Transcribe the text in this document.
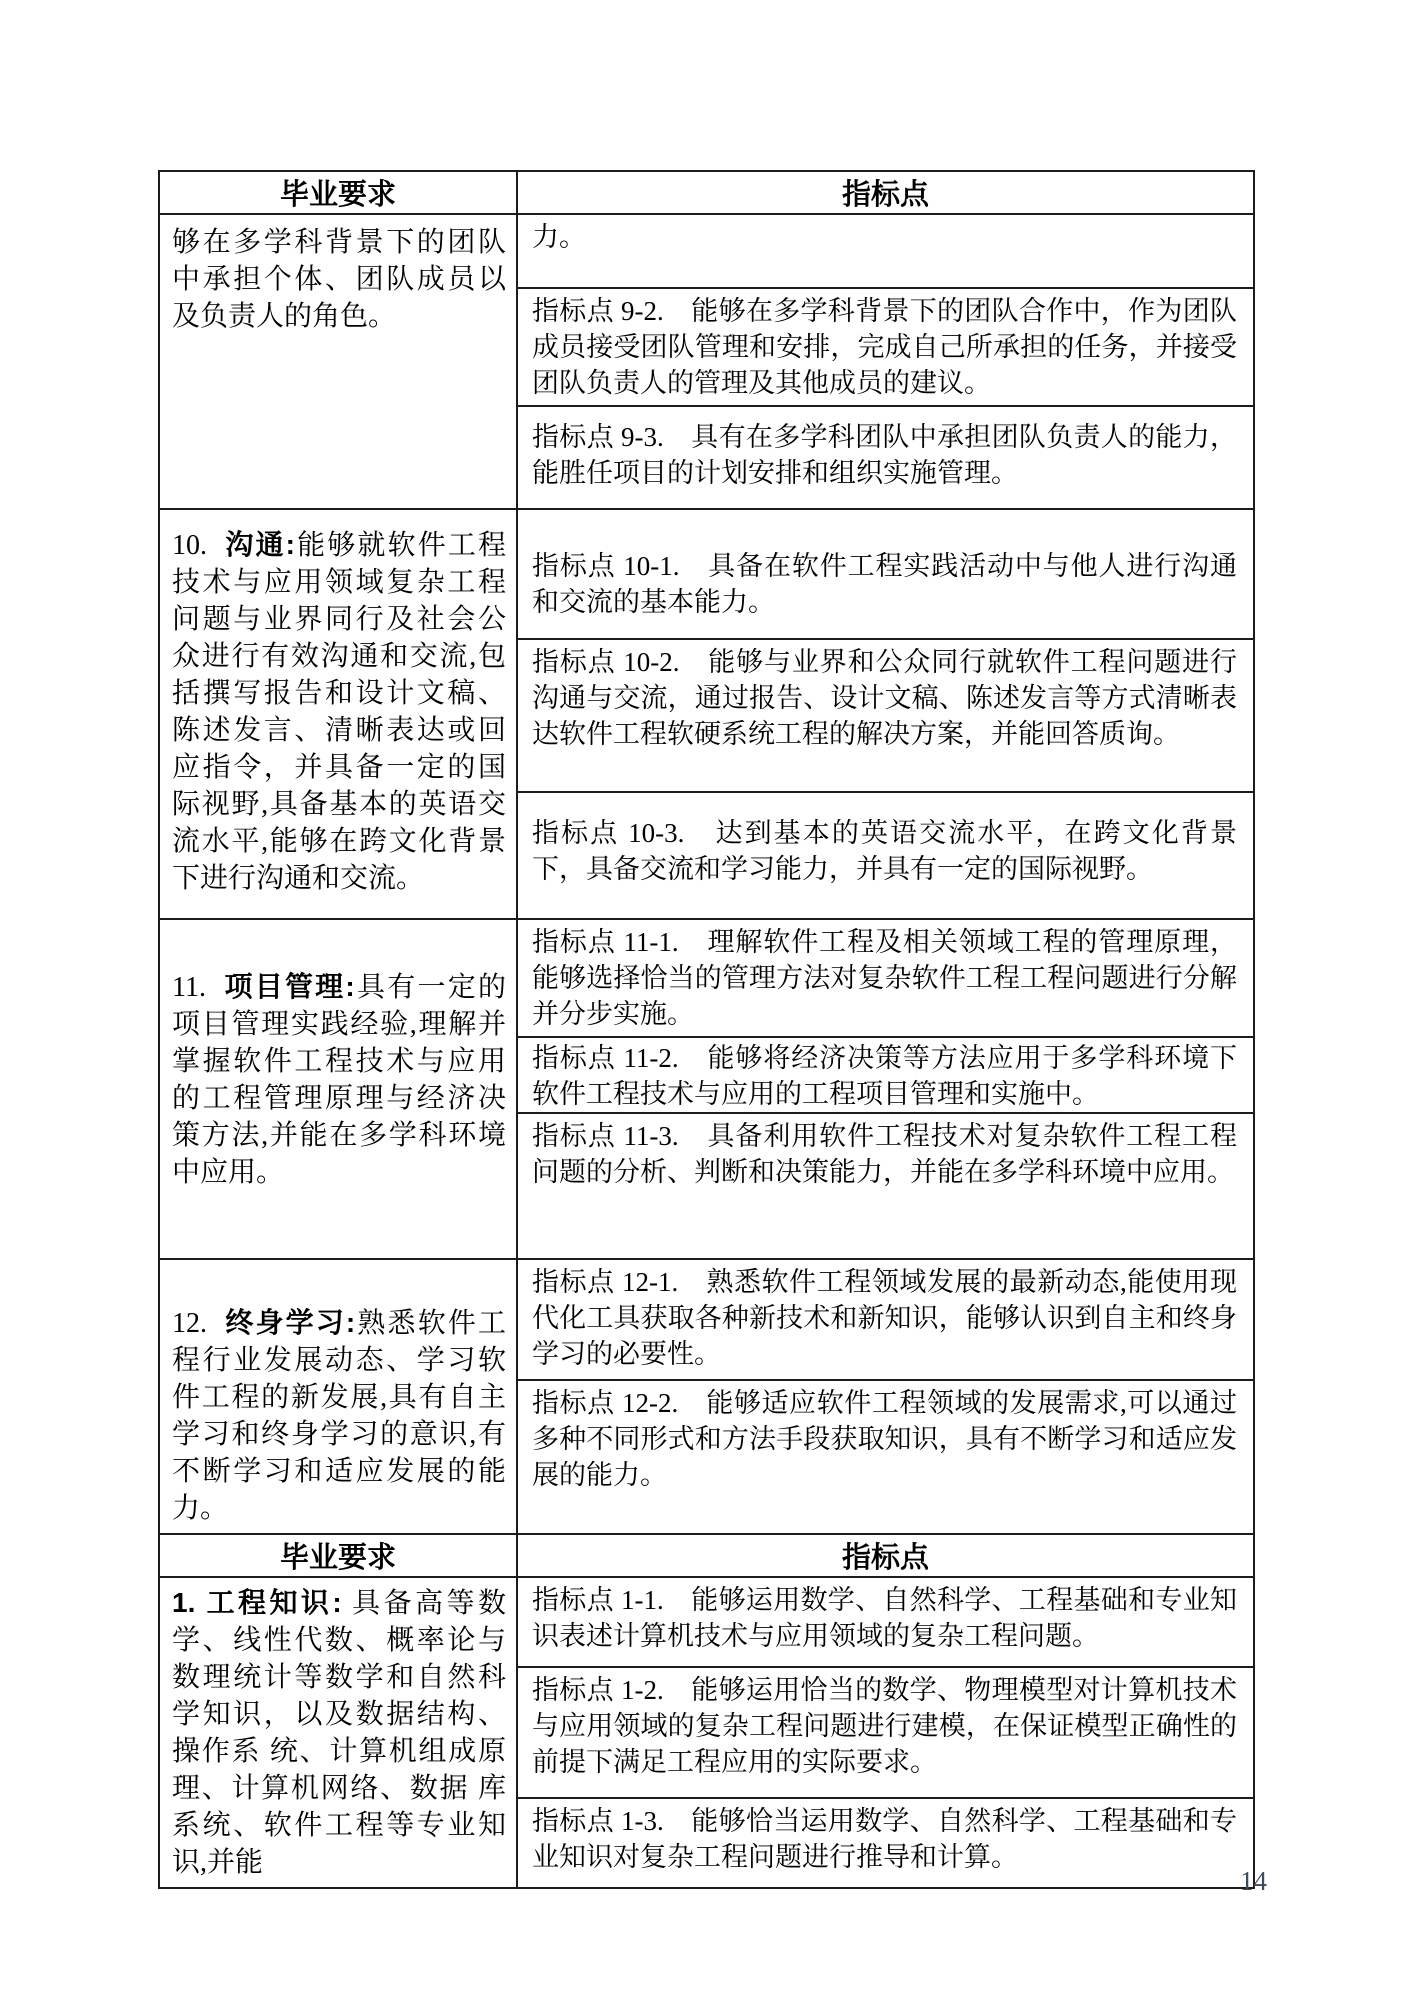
毕业要求	指标点
够在多学科背景下的团队中承担个体、团队成员以及负责人的角色。	力。
	指标点 9-2.　能够在多学科背景下的团队合作中，作为团队成员接受团队管理和安排，完成自己所承担的任务，并接受团队负责人的管理及其他成员的建议。
	指标点 9-3.　具有在多学科团队中承担团队负责人的能力，能胜任项目的计划安排和组织实施管理。
10.  沟通:能够就软件工程技术与应用领域复杂工程问题与业界同行及社会公众进行有效沟通和交流,包括撰写报告和设计文稿、陈述发言、清晰表达或回应指令，并具备一定的国际视野,具备基本的英语交流水平,能够在跨文化背景下进行沟通和交流。	指标点 10-1.　具备在软件工程实践活动中与他人进行沟通和交流的基本能力。
	指标点 10-2.　能够与业界和公众同行就软件工程问题进行沟通与交流，通过报告、设计文稿、陈述发言等方式清晰表达软件工程软硬系统工程的解决方案，并能回答质询。
	指标点 10-3.　达到基本的英语交流水平，在跨文化背景下，具备交流和学习能力，并具有一定的国际视野。
11.  项目管理:具有一定的项目管理实践经验,理解并掌握软件工程技术与应用的工程管理原理与经济决策方法,并能在多学科环境中应用。	指标点 11-1.　理解软件工程及相关领域工程的管理原理，能够选择恰当的管理方法对复杂软件工程工程问题进行分解并分步实施。
	指标点 11-2.　能够将经济决策等方法应用于多学科环境下软件工程技术与应用的工程项目管理和实施中。
	指标点 11-3.　具备利用软件工程技术对复杂软件工程工程问题的分析、判断和决策能力，并能在多学科环境中应用。
12.  终身学习:熟悉软件工程行业发展动态、学习软件工程的新发展,具有自主学习和终身学习的意识,有不断学习和适应发展的能力。	指标点 12-1.　熟悉软件工程领域发展的最新动态,能使用现代化工具获取各种新技术和新知识，能够认识到自主和终身学习的必要性。
	指标点 12-2.　能够适应软件工程领域的发展需求,可以通过多种不同形式和方法手段获取知识，具有不断学习和适应发展的能力。
毕业要求	指标点
1. 工程知识: 具备高等数学、线性代数、概率论与数理统计等数学和自然科学知识，以及数据结构、操作系 统、计算机组成原理、计算机网络、数据 库系统、软件工程等专业知识,并能	指标点 1-1.　能够运用数学、自然科学、工程基础和专业知识表述计算机技术与应用领域的复杂工程问题。
	指标点 1-2.　能够运用恰当的数学、物理模型对计算机技术与应用领域的复杂工程问题进行建模，在保证模型正确性的前提下满足工程应用的实际要求。
	指标点 1-3.　能够恰当运用数学、自然科学、工程基础和专业知识对复杂工程问题进行推导和计算。
14
